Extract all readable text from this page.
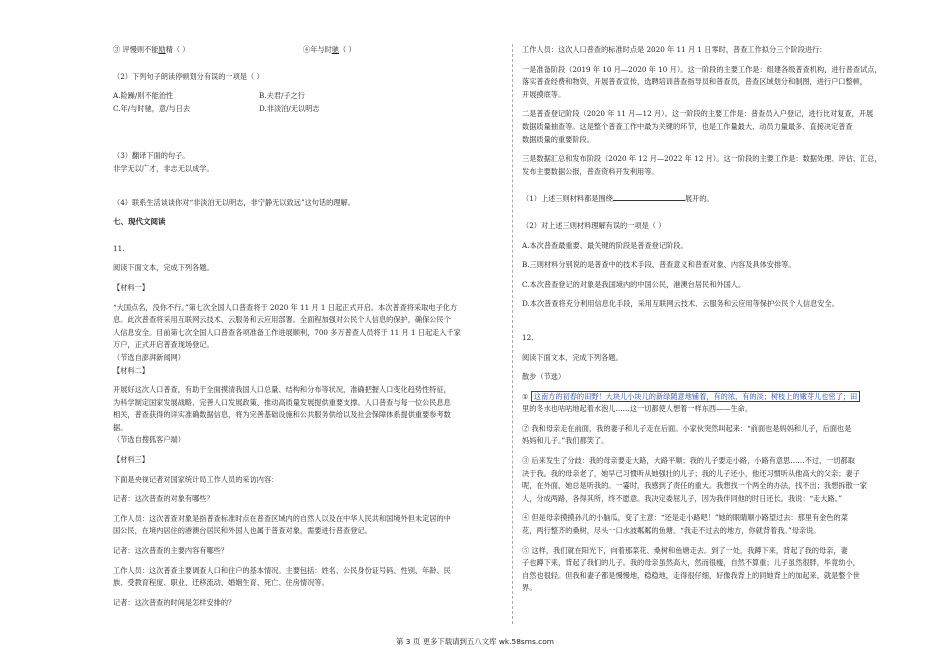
③ 评慢则不能励精（ ）	④年与时驰（ ）

（2）下列句子朗读停顿划分有误的一项是（ ）

A.险躁/则不能治性	B.夫君/子之行
C.年/与时驰，意/与日去	D.非淡泊/无以明志

（3）翻译下面的句子。

非学无以广才，非志无以成学。

（4）联系生活谈谈你对“非淡泊无以明志，非宁静无以致远”这句话的理解。

七、现代文阅读

11.

阅读下面文本，完成下列各题。

【材料一】

“大国点名，没你不行。”第七次全国人口普查将于 2020 年 11 月 1 日起正式开启。本次普查将采取电子化方

息。此次普查将采用互联网云技术、云服务和云应用部署。全面程加强对公民个人信息的保护，确保公民个

人信息安全。目前第七次全国人口普查各项准备工作进展顺利，700 多万普查人员将于 11 月 1 日起走入千家

万户，正式开启普查现场登记。

（节选自澎湃新闻网）

【材料二】

开展好这次人口普查，有助于全面摸清我国人口总量、结构和分布等状况，准确把握人口变化趋势性特征，

为科学制定国家发展战略、完善人口发展政策、推动高质量发展提供重要支撑。人口普查与每一位公民息息

相关，普查获得的详实准确数据信息，将为完善基础设施和公共服务供给以及社会保障体系提供重要参考数

据。

（节选自搜狐客户端）

【材料三】

下面是央视记者对国家统计局工作人员的采访内容：

记者：这次普查的对象有哪些？

工作人员：这次普查对象是指普查标准时点在普查区域内的自然人以及在中华人民共和国境外但未定居的中

国公民，在境内居住的港澳台居民和外国人也属于普查对象，需要进行普查登记。

记者：这次普查的主要内容有哪些？

工作人员：这次普查主要调查人口和住户的基本情况。主要包括：姓名、公民身份证号码、性别、年龄、民

族、受教育程度、职业、迁移流动、婚姻生育、死亡、住房情况等。

记者：这次普查的时间是怎样安排的？

工作人员：这次人口普查的标准时点是 2020 年 11 月 1 日零时，普查工作拟分三个阶段进行：

一是准备阶段（2019 年 10 月—2020 年 10 月）。这一阶段的主要工作是：组建各级普查机构，进行普查试点，

落实普查经费和物资，开展普查宣传，选聘培训普查指导员和普查员，普查区域划分和制图，进行户口整顿，

开展摸底等。

二是普查登记阶段（2020 年 11 月—12 月）。这一阶段的主要工作是：普查员入户登记，进行比对复查，开展

数据质量抽查等。这是整个普查工作中最为关键的环节，也是工作量最大、动员力量最多、直接决定普查

数据质量的重要阶段。

三是数据汇总和发布阶段（2020 年 12 月—2022 年 12 月）。这一阶段的主要工作是：数据处理、评估、汇总，

发布主要数据公报，普查资料开发利用等。

（1）上述三则材料都是围绕	展开的。

（2）对上述三则材料理解有误的一项是（ ）

A.本次普查最重要、最关键的阶段是普查登记阶段。

B.三则材料分别说的是普查中的技术手段、普查意义和普查对象、内容及具体安排等。

C.本次普查登记的对象是我国境内的中国公民，港澳台居民和外国人。

D.本次普查将充分利用信息化手段，采用互联网云技术、云服务和云应用等保护公民个人信息安全。

12.

阅读下面文本，完成下列各题。

散步（节选）

① 这南方的初春的田野！大块儿小块儿的新绿随意地铺着，有的浓，有的淡；树枝上的嫩芽儿也密了；田

里的冬水也咕咕地起着水泡儿……这一切都使人想着一样东西——生命。

② 我和母亲走在前面，我的妻子和儿子走在后面。小家伙突然叫起来：“前面也是妈妈和儿子，后面也是

妈妈和儿子。”我们都笑了。

③ 后来发生了分歧：我的母亲要走大路，大路平顺；我的儿子要走小路，小路有意思……不过，一切都取

决于我。我的母亲老了，她早已习惯听从她强壮的儿子；我的儿子还小，他还习惯听从他高大的父亲；妻子

呢，在外面，她总是听我的。一霎时，我感到了责任的重大。我想找一个两全的办法，找不出；我想拆散一家

人，分成两路，各得其所，终不愿意。我决定委屈儿子，因为我伴同他的时日还长。我说：“走大路。”

④ 但是母亲摸摸孙儿的小脑瓜，变了主意：“还是走小路吧！”她的眼睛顺小路望过去：那里有金色的菜

花，两行整齐的桑树，尽头一口水波粼粼的鱼塘。“我走不过去的地方，你就背着我。”母亲说。

⑤ 这样，我们就在阳光下，向着那菜花、桑树和鱼塘走去。到了一处，我蹲下来，背起了我的母亲，妻

子也蹲下来，背起了我们的儿子。我的母亲虽然高大，然而很瘦，自然不算重；儿子虽然很胖，毕竟幼小，

自然也很轻。但我和妻子都是慢慢地，稳稳地，走得很仔细，好像我背上的同她背上的加起来，就是整个世

界。

第 3 页 更多下载请到五八文库 wk.58sms.com
